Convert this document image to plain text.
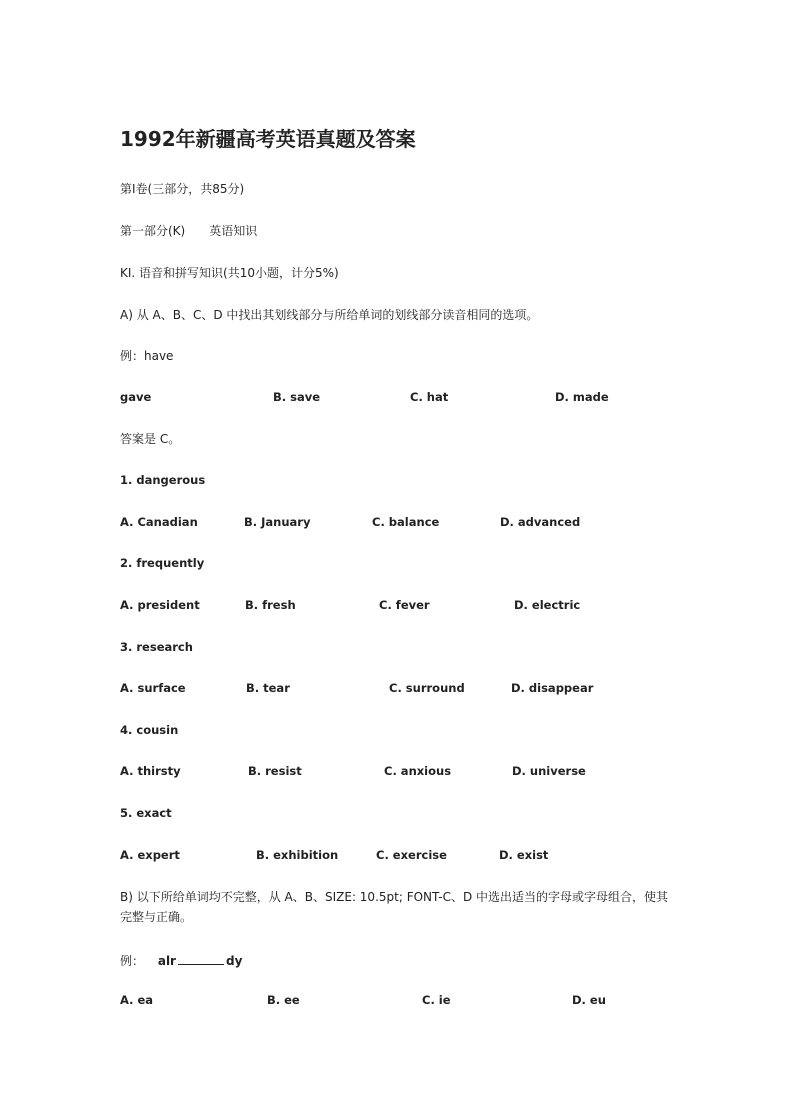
1992年新疆高考英语真题及答案
第I卷(三部分，共85分)
第一部分(K)　　英语知识
KI. 语音和拼写知识(共10小题，计分5%)
A) 从 A、B、C、D 中找出其划线部分与所给单词的划线部分读音相同的选项。
例：have
gave	B. save	C. hat	D. made
答案是 C。
1. dangerous
A. Canadian	B. January	C. balance	D. advanced
2. frequently
A. president	B. fresh	C. fever	D. electric
3. research
A. surface	B. tear	C. surround	D. disappear
4. cousin
A. thirsty	B. resist	C. anxious	D. universe
5. exact
A. expert	B. exhibition	C. exercise	D. exist
B) 以下所给单词均不完整，从 A、B、SIZE: 10.5pt; FONT-C、D 中选出适当的字母或字母组合，使其完整与正确。
例： alr	dy
A. ea	B. ee	C. ie	D. eu
